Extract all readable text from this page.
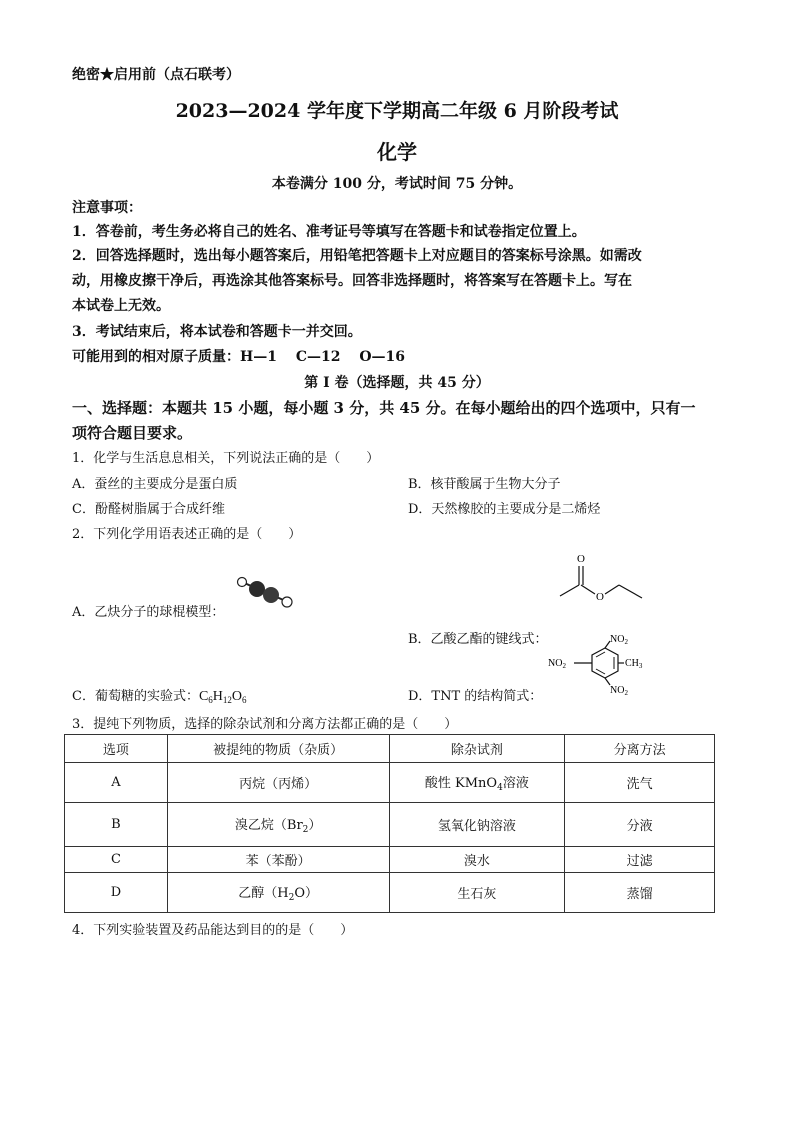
绝密★启用前（点石联考）
2023—2024 学年度下学期高二年级 6 月阶段考试
化学
本卷满分 100 分，考试时间 75 分钟。
注意事项：
1．答卷前，考生务必将自己的姓名、准考证号等填写在答题卡和试卷指定位置上。
2．回答选择题时，选出每小题答案后，用铅笔把答题卡上对应题目的答案标号涂黑。如需改
动，用橡皮擦干净后，再选涂其他答案标号。回答非选择题时，将答案写在答题卡上。写在
本试卷上无效。
3．考试结束后，将本试卷和答题卡一并交回。
可能用到的相对原子质量：H—1　 C—12　 O—16
第 I 卷（选择题，共 45 分）
一、选择题：本题共 15 小题，每小题 3 分，共 45 分。在每小题给出的四个选项中，只有一
项符合题目要求。
1．化学与生活息息相关，下列说法正确的是（　　）
A．蚕丝的主要成分是蛋白质	B．核苷酸属于生物大分子
C．酚醛树脂属于合成纤维	D．天然橡胶的主要成分是二烯烃
2．下列化学用语表述正确的是（　　）
A．乙炔分子的球棍模型：
B．乙酸乙酯的键线式：
O
O
C．葡萄糖的实验式：$C_6H_{12}O_6$	D．TNT 的结构简式：
$NO_2$
$CH_3$
$NO_2$
$NO_2$
3．提纯下列物质，选择的除杂试剂和分离方法都正确的是（　　）
选项	被提纯的物质（杂质）	除杂试剂	分离方法
A	丙烷（丙烯）	酸性 KMnO$_4$溶液	洗气
B	溴乙烷$(Br_2)$	氢氧化钠溶液	分液
C	苯（苯酚）	溴水	过滤
D	乙醇$(H_2O)$	生石灰	蒸馏
4．下列实验装置及药品能达到目的的是（　　）
